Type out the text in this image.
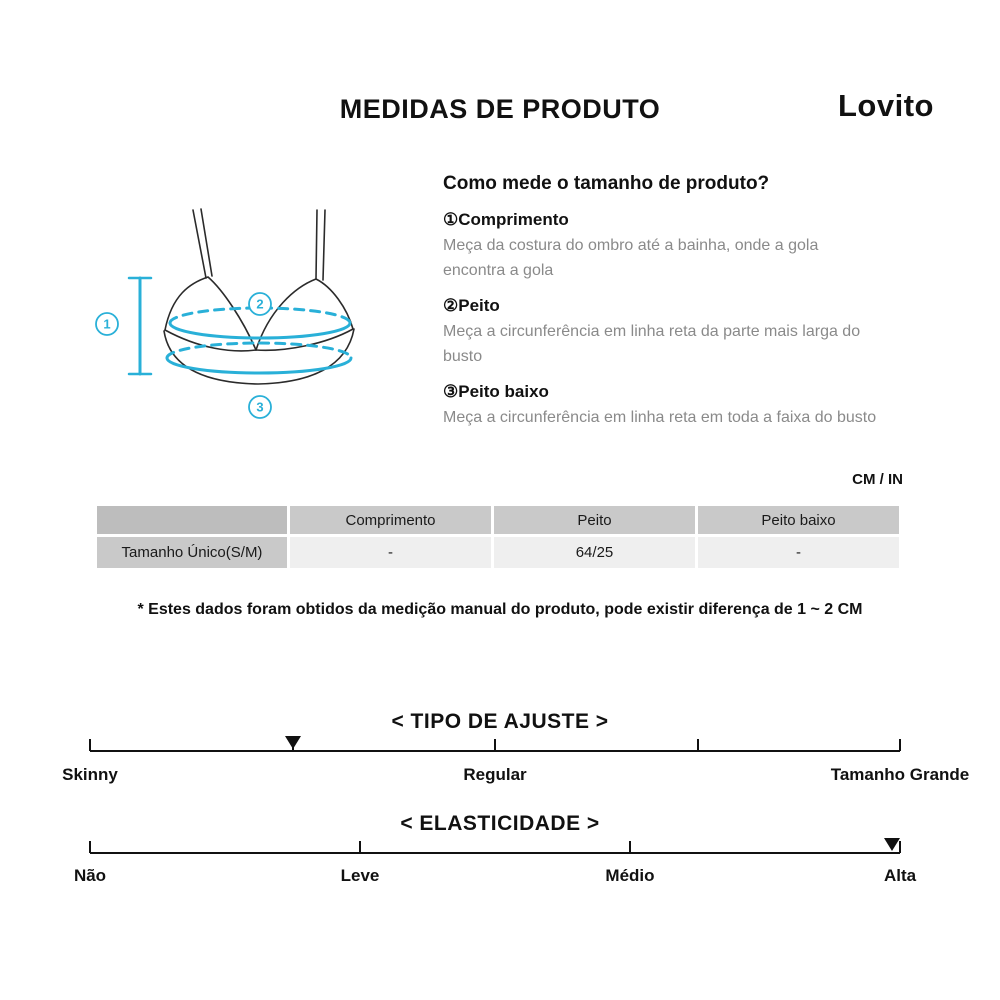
MEDIDAS DE PRODUTO	Lovito
1
2
3
Como mede o tamanho de produto?
①Comprimento
Meça da costura do ombro até a bainha, onde a gola
encontra a gola
②Peito
Meça a circunferência em linha reta da parte mais larga do
busto
③Peito baixo
Meça a circunferência em linha reta em toda a faixa do busto
CM / IN
	Comprimento	Peito	Peito baixo
Tamanho Único(S/M)	-	64/25	-
* Estes dados foram obtidos da medição manual do produto, pode existir diferença de 1 ~ 2 CM
< TIPO DE AJUSTE >
Skinny	Regular	Tamanho Grande
< ELASTICIDADE >
Não	Leve	Médio	Alta
